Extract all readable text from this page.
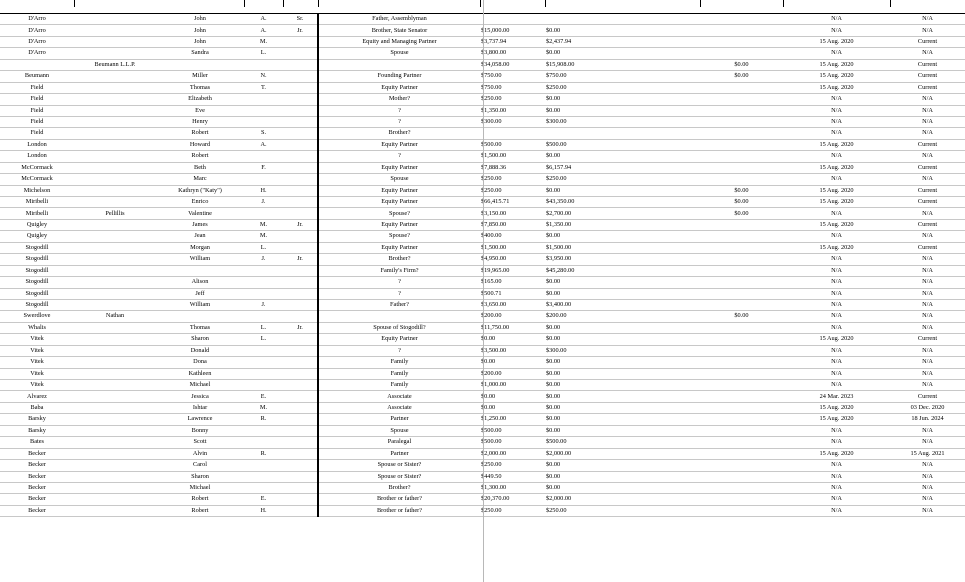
D'Arro		John	A.	Sr.	Father, Assemblyman					N/A	N/A
D'Arro		John	A.	Jr.	Brother, State Senator	$15,000.00	$0.00			N/A	N/A
D'Arro		John	M.		Equity and Managing Partner	$3,737.94	$2,437.94			15 Aug. 2020	Current
D'Arro		Sandra	L.		Spouse	$3,800.00	$0.00			N/A	N/A
	Beumann L.L.P.					$34,058.00	$15,908.00		$0.00	15 Aug. 2020	Current
Beumann		Miller	N.		Founding Partner	$750.00	$750.00		$0.00	15 Aug. 2020	Current
Field		Thomas	T.		Equity Partner	$750.00	$250.00			15 Aug. 2020	Current
Field		Elizabeth			Mother?	$250.00	$0.00			N/A	N/A
Field		Eve			?	$1,350.00	$0.00			N/A	N/A
Field		Henry			?	$300.00	$300.00			N/A	N/A
Field		Robert	S.		Brother?					N/A	N/A
London		Howard	A.		Equity Partner	$500.00	$500.00			15 Aug. 2020	Current
London		Robert			?	$1,500.00	$0.00			N/A	N/A
McCormack		Beth	F.		Equity Partner	$7,888.36	$6,157.94			15 Aug. 2020	Current
McCormack		Marc			Spouse	$250.00	$250.00			N/A	N/A
Michelson		Kathryn ("Katy")	H.		Equity Partner	$250.00	$0.00		$0.00	15 Aug. 2020	Current
Miribelli		Enrico	J.		Equity Partner	$66,415.71	$43,350.00		$0.00	15 Aug. 2020	Current
Miribelli	Pellillis	Valentine			Spouse?	$3,150.00	$2,700.00		$0.00	N/A	N/A
Quigley		James	M.	Jr.	Equity Partner	$7,850.00	$1,350.00			15 Aug. 2020	Current
Quigley		Jean	M.		Spouse?	$400.00	$0.00			N/A	N/A
Stogodill		Morgan	L.		Equity Partner	$1,500.00	$1,500.00			15 Aug. 2020	Current
Stogodill		William	J.	Jr.	Brother?	$4,950.00	$3,950.00			N/A	N/A
Stogodill					Family's Firm?	$19,965.00	$45,280.00			N/A	N/A
Stogodill		Alison			?	$165.00	$0.00			N/A	N/A
Stogodill		Jeff			?	$500.71	$0.00			N/A	N/A
Stogodill		William	J.		Father?	$3,650.00	$3,400.00			N/A	N/A
Swerdlove	Nathan					$200.00	$200.00		$0.00	N/A	N/A
Whalis		Thomas	L.	Jr.	Spouse of Stogodill?	$11,750.00	$0.00			N/A	N/A
Vitek		Sharon	L.		Equity Partner	$0.00	$0.00			15 Aug. 2020	Current
Vitek		Donald			?	$3,500.00	$300.00			N/A	N/A
Vitek		Dona			Family	$0.00	$0.00			N/A	N/A
Vitek		Kathleen			Family	$200.00	$0.00			N/A	N/A
Vitek		Michael			Family	$1,000.00	$0.00			N/A	N/A
Alvarez		Jessica	E.		Associate	$0.00	$0.00			24 Mar. 2023	Current
Baba		Ishtar	M.		Associate	$0.00	$0.00			15 Aug. 2020	03 Dec. 2020
Barsky		Lawrence	R.		Partner	$1,250.00	$0.00			15 Aug. 2020	18 Jun. 2024
Barsky		Bonny			Spouse	$500.00	$0.00			N/A	N/A
Bates		Scott			Paralegal	$500.00	$500.00			N/A	N/A
Becker		Alvin	R.		Partner	$2,000.00	$2,000.00			15 Aug. 2020	15 Aug. 2021
Becker		Carol			Spouse or Sister?	$250.00	$0.00			N/A	N/A
Becker		Sharon			Spouse or Sister?	$449.50	$0.00			N/A	N/A
Becker		Michael			Brother?	$1,300.00	$0.00			N/A	N/A
Becker		Robert	E.		Brother or father?	$20,370.00	$2,000.00			N/A	N/A
Becker		Robert	H.		Brother or father?	$250.00	$250.00			N/A	N/A
